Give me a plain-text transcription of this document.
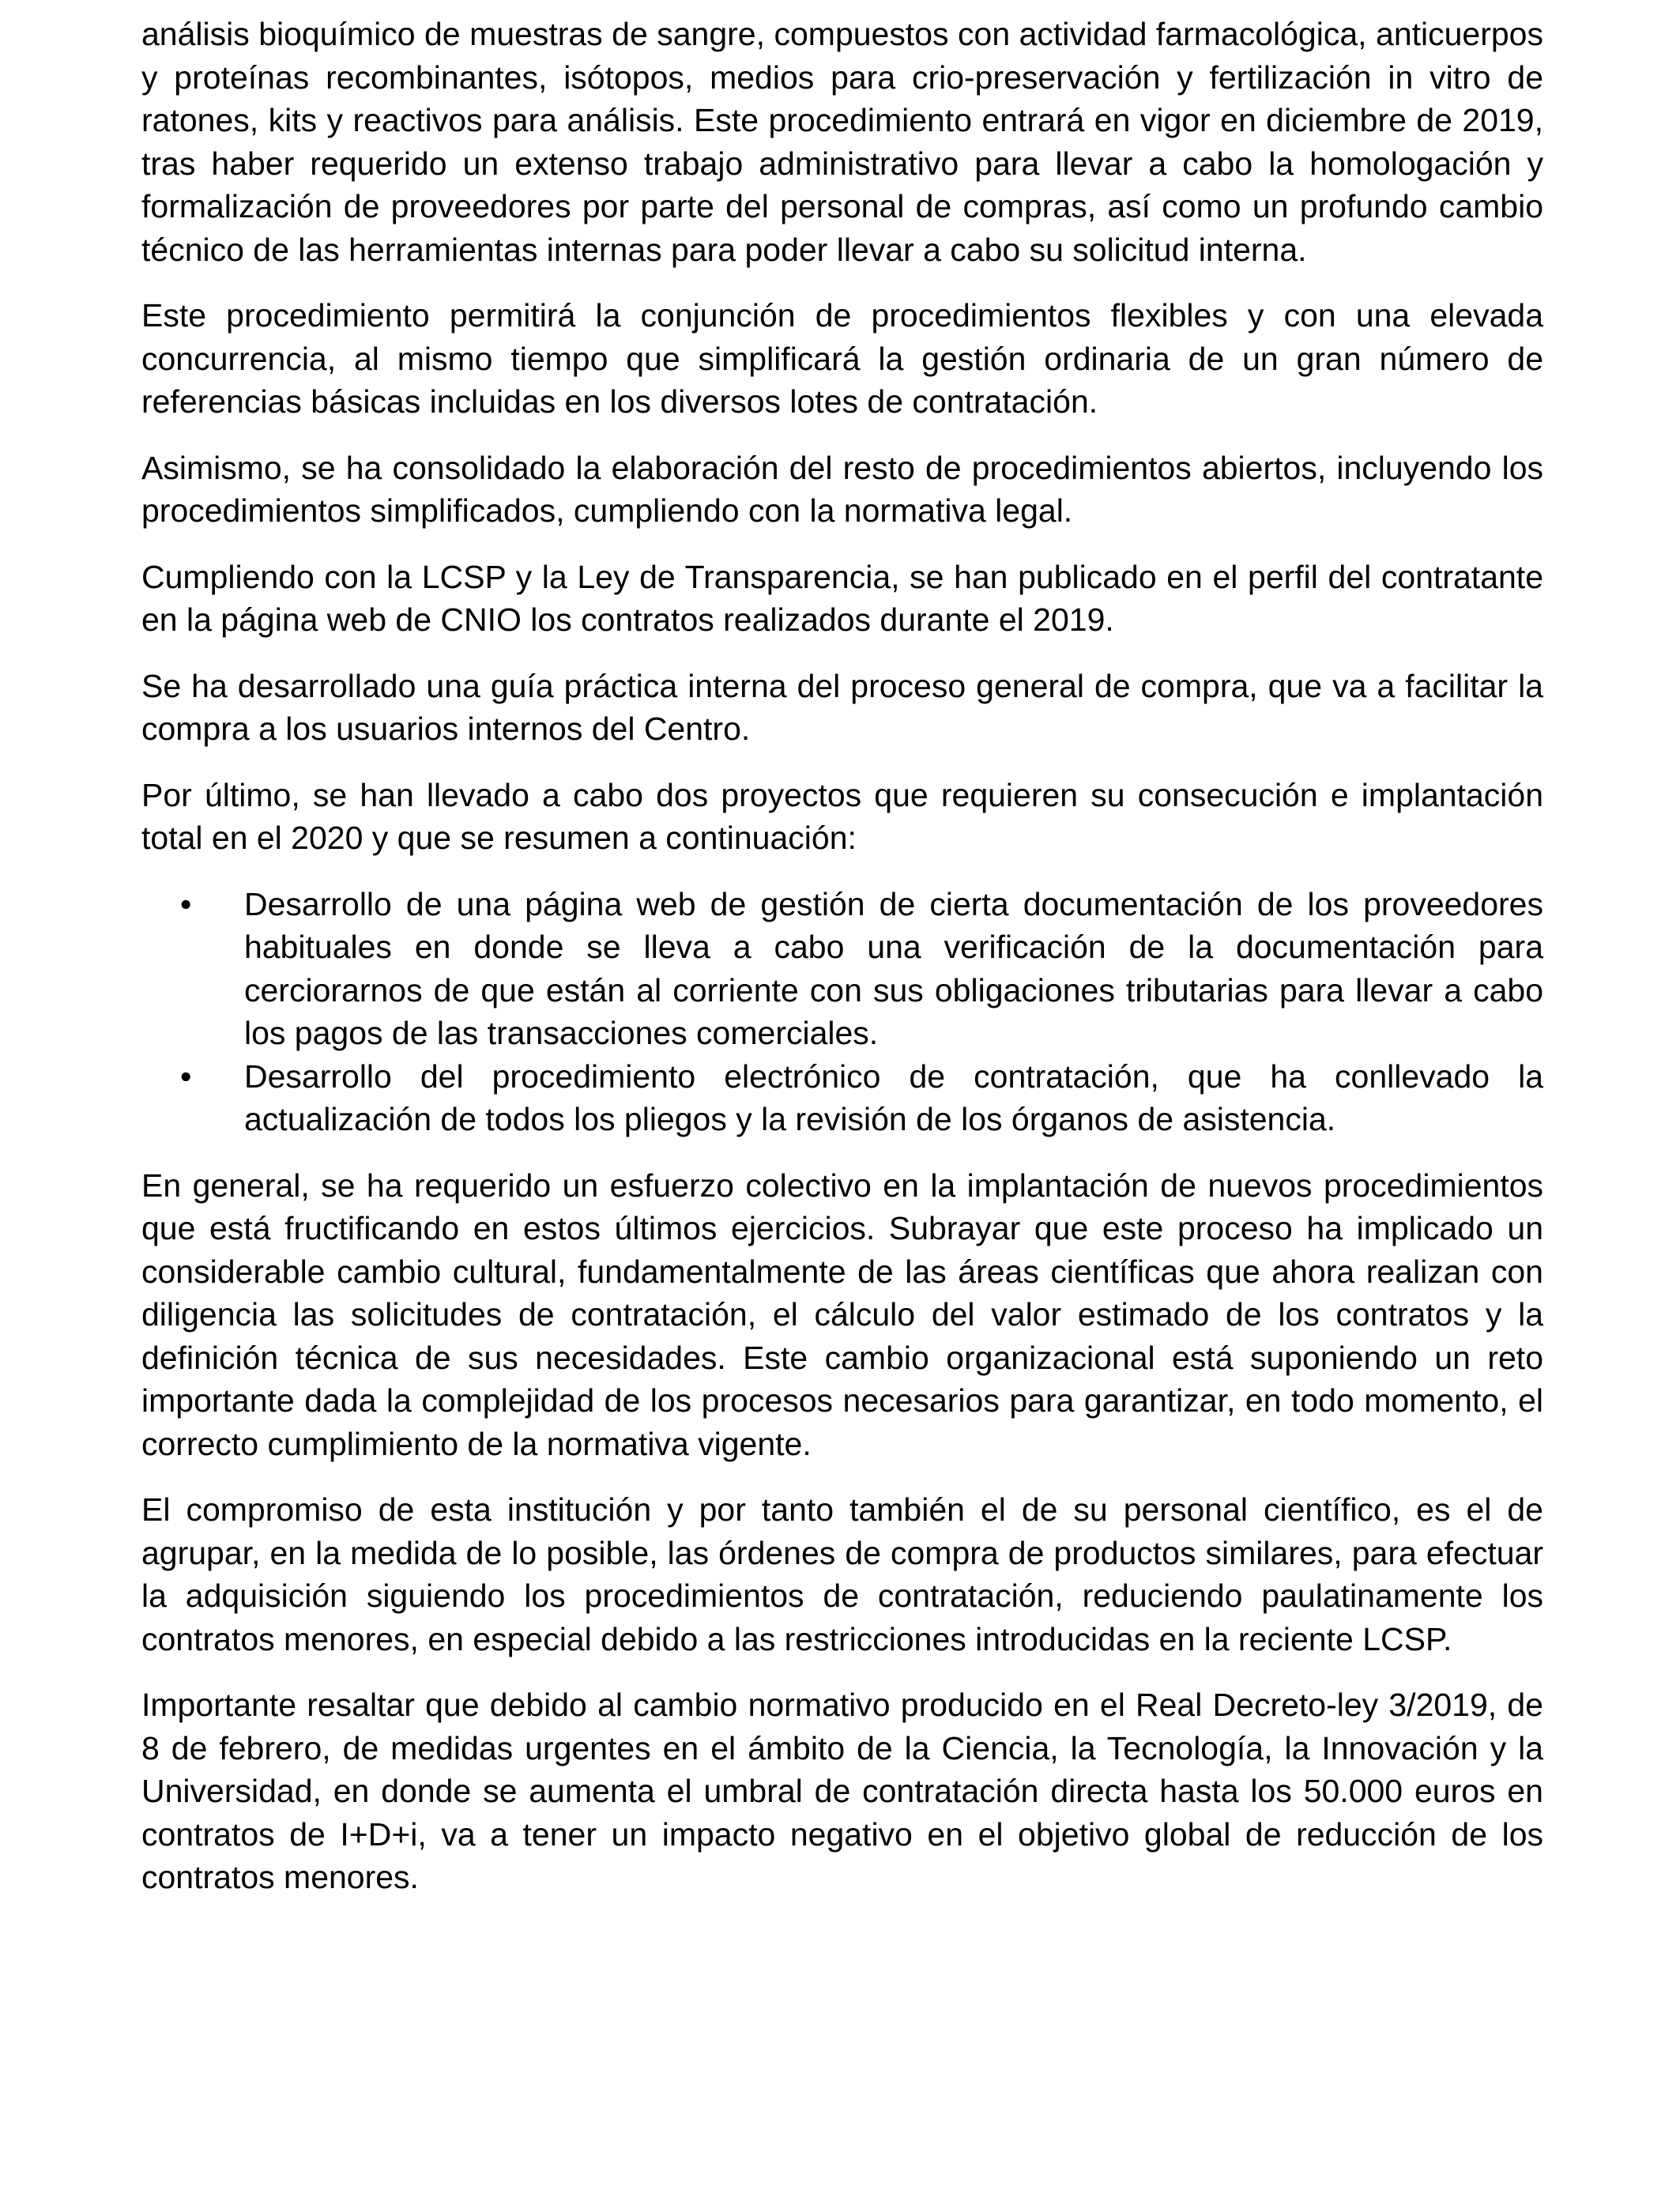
análisis bioquímico de muestras de sangre, compuestos con actividad farmacológica, anticuerpos y proteínas recombinantes, isótopos, medios para crio-preservación y fertilización in vitro de ratones, kits y reactivos para análisis. Este procedimiento entrará en vigor en diciembre de 2019, tras haber requerido un extenso trabajo administrativo para llevar a cabo la homologación y formalización de proveedores por parte del personal de compras, así como un profundo cambio técnico de las herramientas internas para poder llevar a cabo su solicitud interna.

Este procedimiento permitirá la conjunción de procedimientos flexibles y con una elevada concurrencia, al mismo tiempo que simplificará la gestión ordinaria de un gran número de referencias básicas incluidas en los diversos lotes de contratación.

Asimismo, se ha consolidado la elaboración del resto de procedimientos abiertos, incluyendo los procedimientos simplificados, cumpliendo con la normativa legal.

Cumpliendo con la LCSP y la Ley de Transparencia, se han publicado en el perfil del contratante en la página web de CNIO los contratos realizados durante el 2019.

Se ha desarrollado una guía práctica interna del proceso general de compra, que va a facilitar la compra a los usuarios internos del Centro.

Por último, se han llevado a cabo dos proyectos que requieren su consecución e implantación total en el 2020 y que se resumen a continuación:

• Desarrollo de una página web de gestión de cierta documentación de los proveedores habituales en donde se lleva a cabo una verificación de la documentación para cerciorarnos de que están al corriente con sus obligaciones tributarias para llevar a cabo los pagos de las transacciones comerciales.
• Desarrollo del procedimiento electrónico de contratación, que ha conllevado la actualización de todos los pliegos y la revisión de los órganos de asistencia.

En general, se ha requerido un esfuerzo colectivo en la implantación de nuevos procedimientos que está fructificando en estos últimos ejercicios. Subrayar que este proceso ha implicado un considerable cambio cultural, fundamentalmente de las áreas científicas que ahora realizan con diligencia las solicitudes de contratación, el cálculo del valor estimado de los contratos y la definición técnica de sus necesidades. Este cambio organizacional está suponiendo un reto importante dada la complejidad de los procesos necesarios para garantizar, en todo momento, el correcto cumplimiento de la normativa vigente.

El compromiso de esta institución y por tanto también el de su personal científico, es el de agrupar, en la medida de lo posible, las órdenes de compra de productos similares, para efectuar la adquisición siguiendo los procedimientos de contratación, reduciendo paulatinamente los contratos menores, en especial debido a las restricciones introducidas en la reciente LCSP.

Importante resaltar que debido al cambio normativo producido en el Real Decreto-ley 3/2019, de 8 de febrero, de medidas urgentes en el ámbito de la Ciencia, la Tecnología, la Innovación y la Universidad, en donde se aumenta el umbral de contratación directa hasta los 50.000 euros en contratos de I+D+i, va a tener un impacto negativo en el objetivo global de reducción de los contratos menores.
